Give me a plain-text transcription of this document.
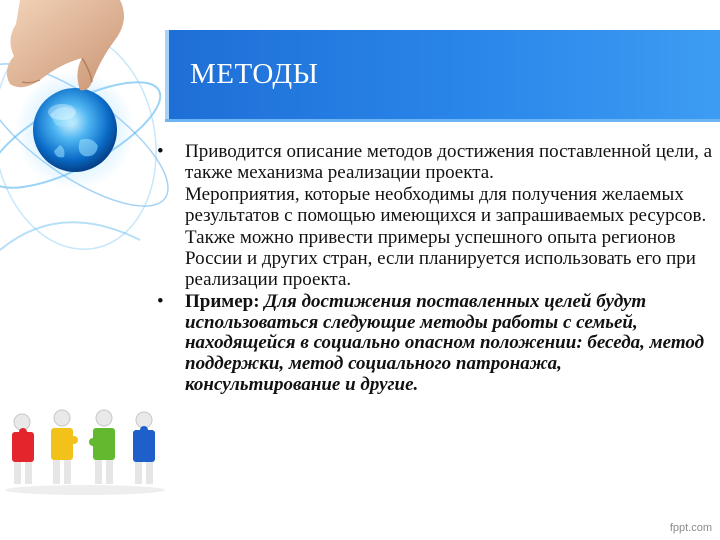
МЕТОДЫ
•	Приводится описание методов достижения поставленной цели, а также механизма реализации проекта.

Мероприятия, которые необходимы для получения желаемых результатов с помощью имеющихся и запрашиваемых ресурсов.

Также можно привести примеры успешного опыта регионов России и других стран, если планируется использовать его при реализации проекта.

•	Пример: Для достижения поставленных целей будут использоваться следующие методы работы с семьей, находящейся в социально опасном положении: беседа, метод поддержки, метод социального патронажа, консультирование и другие.

fppt.com
